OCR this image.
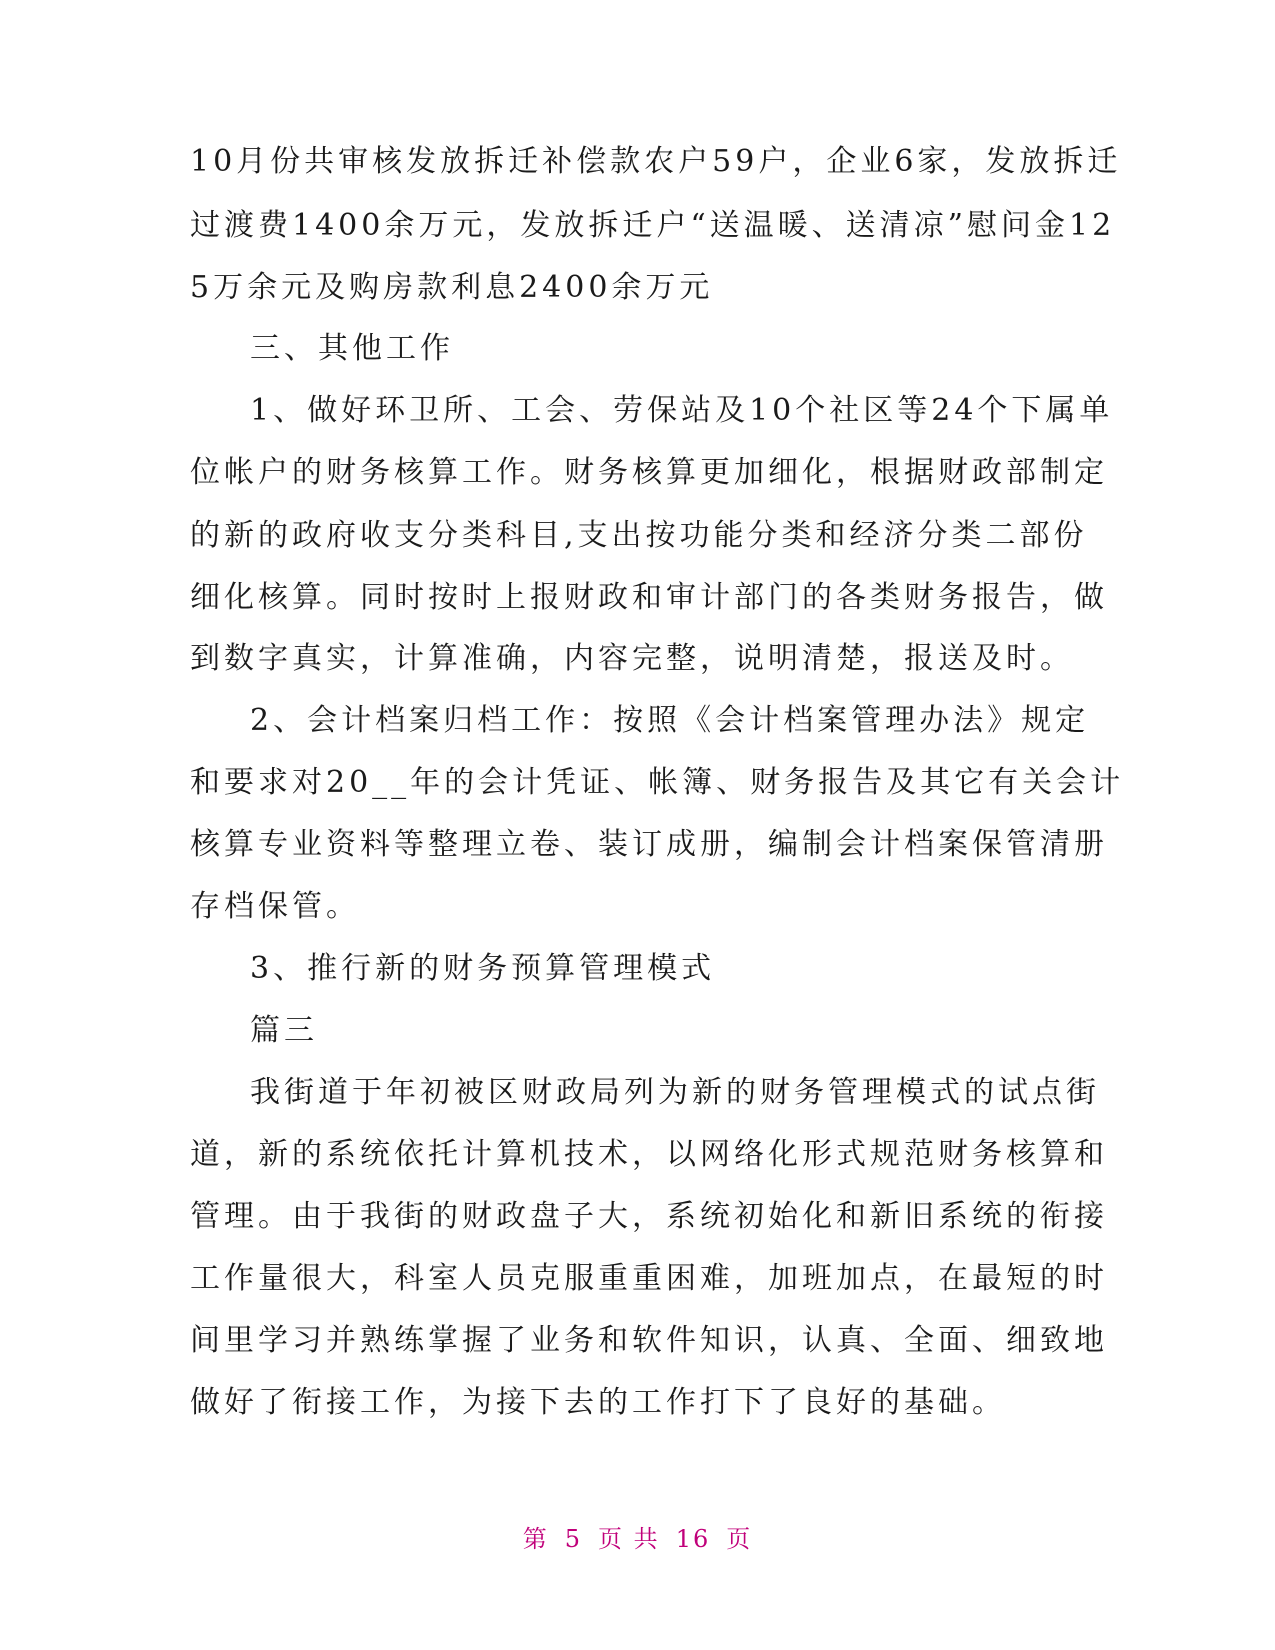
10月份共审核发放拆迁补偿款农户59户，企业6家，发放拆迁
过渡费1400余万元，发放拆迁户“送温暖、送清凉”慰问金12
5万余元及购房款利息2400余万元
三、其他工作
1、做好环卫所、工会、劳保站及10个社区等24个下属单
位帐户的财务核算工作。财务核算更加细化，根据财政部制定
的新的政府收支分类科目,支出按功能分类和经济分类二部份
细化核算。同时按时上报财政和审计部门的各类财务报告，做
到数字真实，计算准确，内容完整，说明清楚，报送及时。
2、会计档案归档工作：按照《会计档案管理办法》规定
和要求对20__年的会计凭证、帐簿、财务报告及其它有关会计
核算专业资料等整理立卷、装订成册，编制会计档案保管清册
存档保管。
3、推行新的财务预算管理模式
篇三
我街道于年初被区财政局列为新的财务管理模式的试点街
道，新的系统依托计算机技术，以网络化形式规范财务核算和
管理。由于我街的财政盘子大，系统初始化和新旧系统的衔接
工作量很大，科室人员克服重重困难，加班加点，在最短的时
间里学习并熟练掌握了业务和软件知识，认真、全面、细致地
做好了衔接工作，为接下去的工作打下了良好的基础。
第 5 页 共 16 页
